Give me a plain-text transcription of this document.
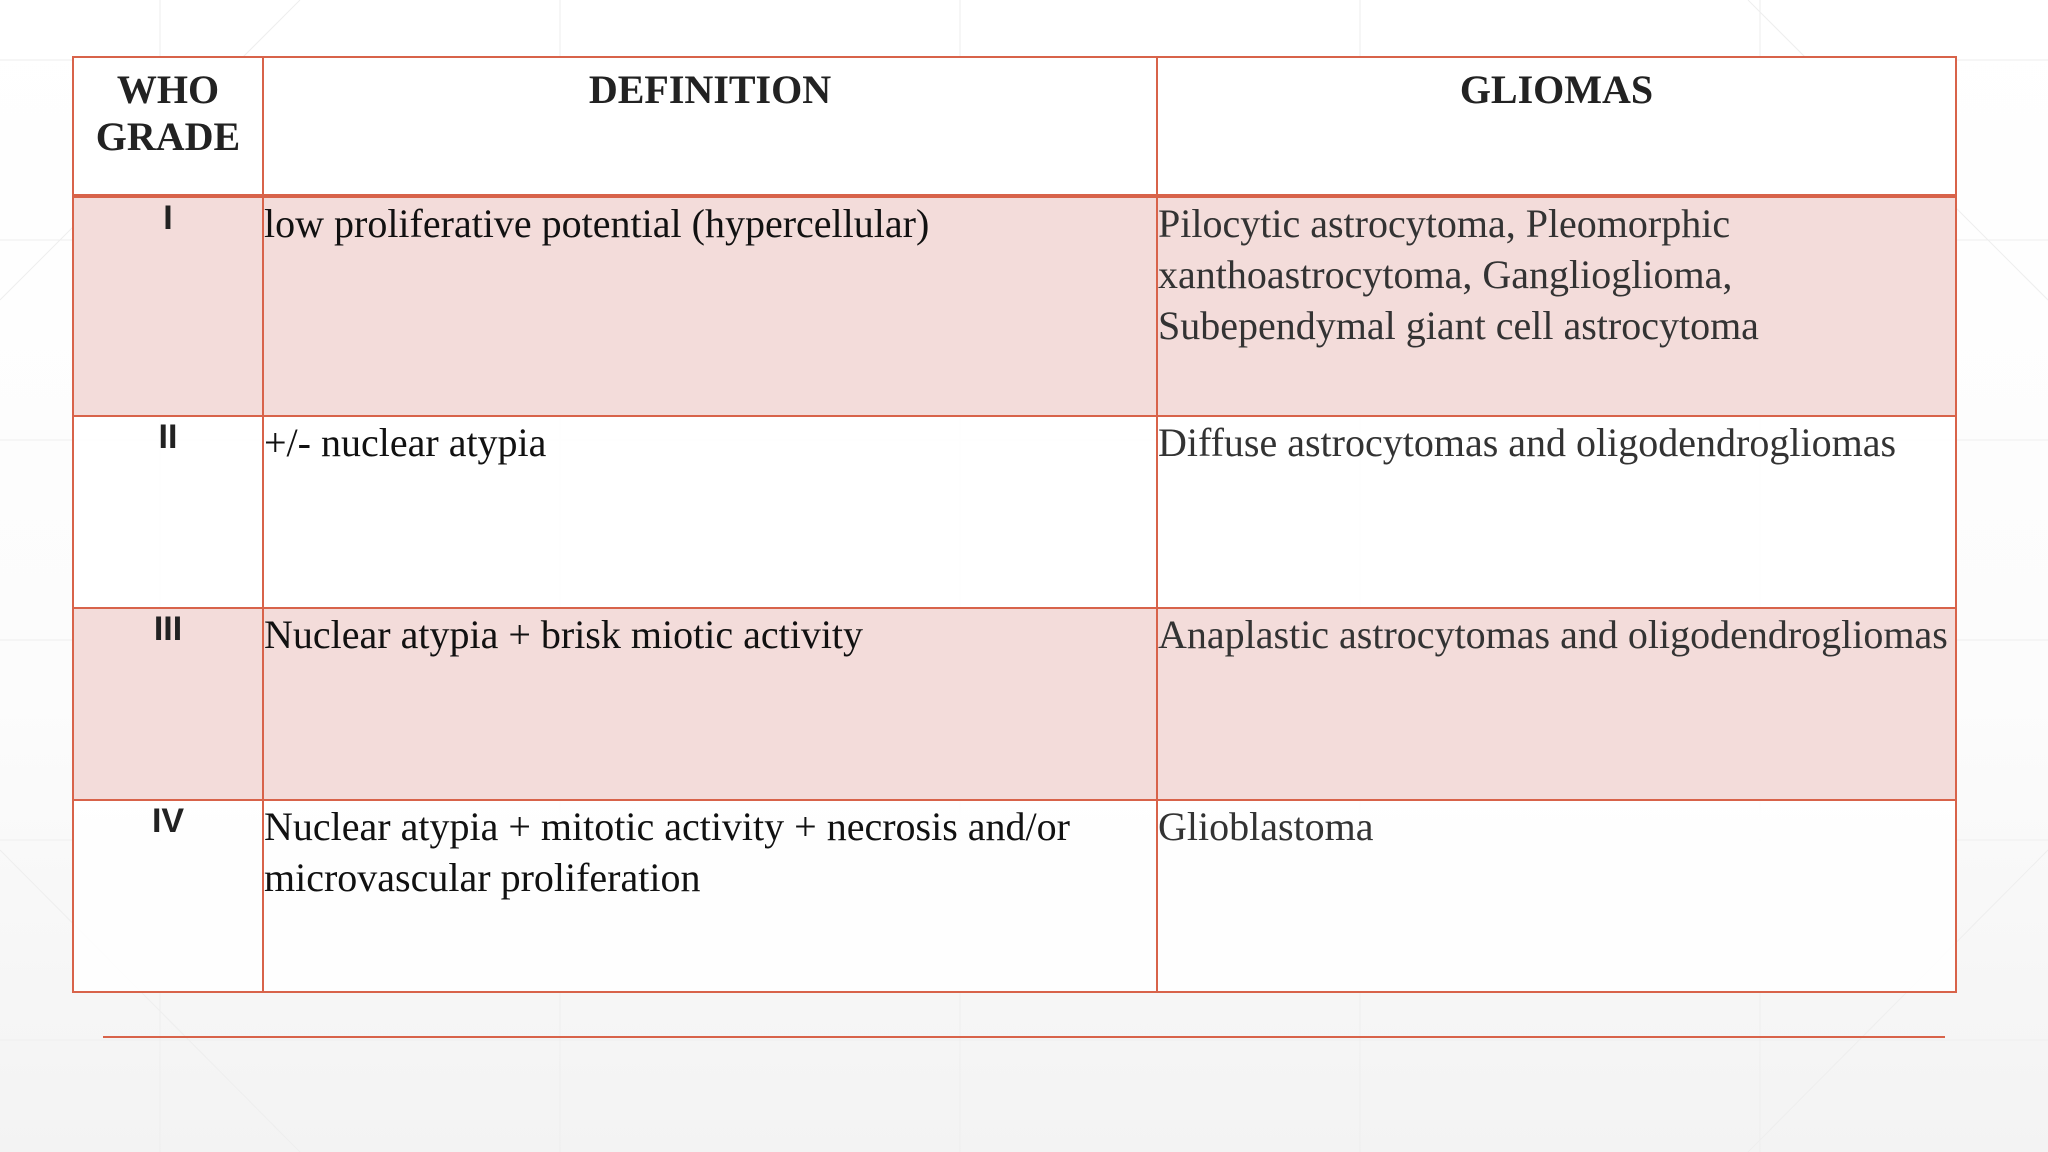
WHO
GRADE	DEFINITION	GLIOMAS
I	low proliferative potential (hypercellular)	Pilocytic astrocytoma, Pleomorphic xanthoastrocytoma, Ganglioglioma, Subependymal giant cell astrocytoma
II	+/- nuclear atypia	Diffuse astrocytomas and oligodendrogliomas
III	Nuclear atypia + brisk miotic activity	Anaplastic astrocytomas and oligodendrogliomas
IV	Nuclear atypia + mitotic activity + necrosis and/or microvascular proliferation	Glioblastoma
